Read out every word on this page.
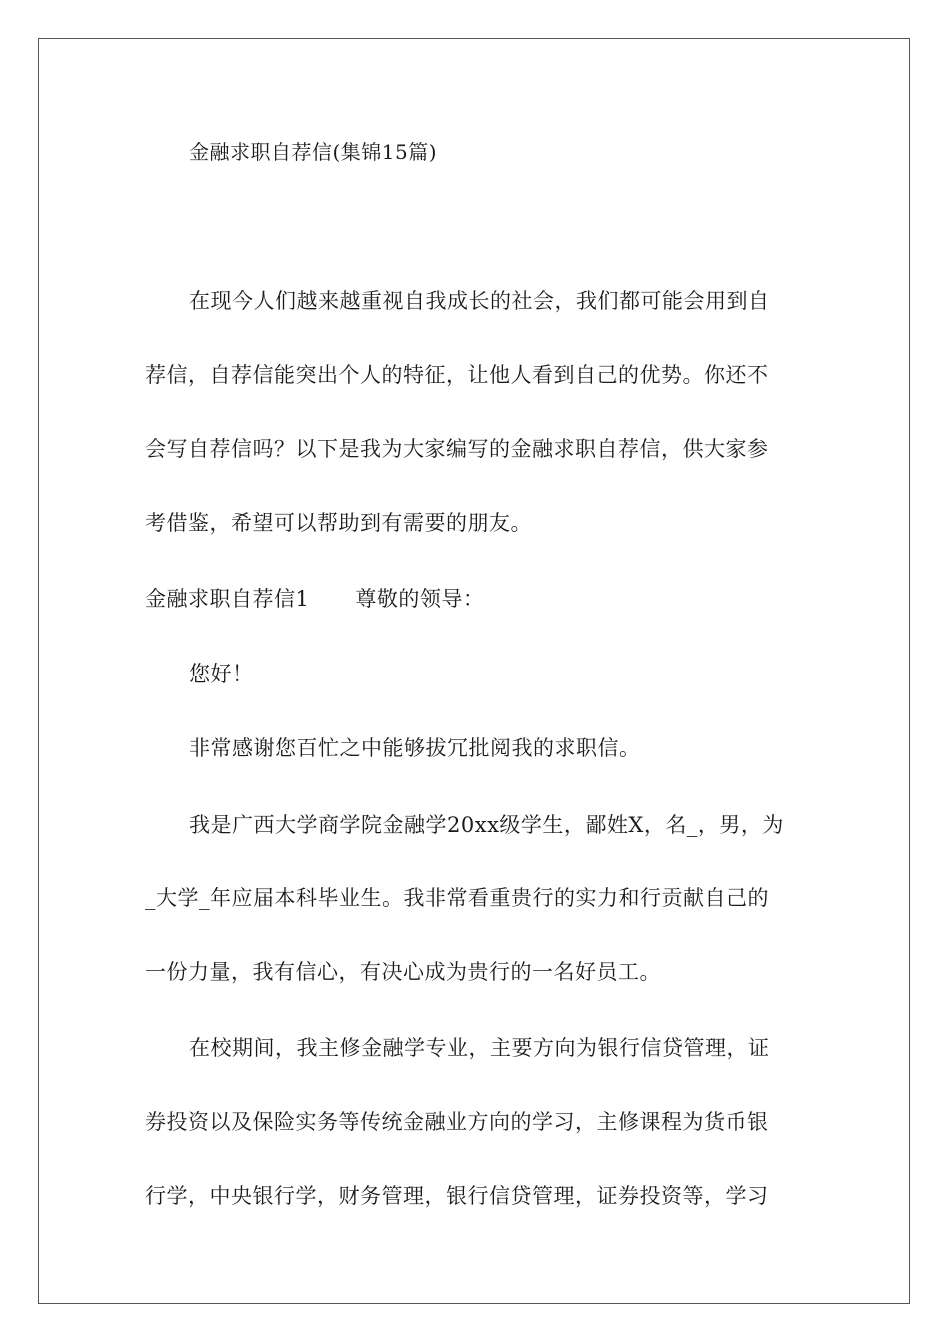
金融求职自荐信(集锦15篇)
在现今人们越来越重视自我成长的社会，我们都可能会用到自
荐信，自荐信能突出个人的特征，让他人看到自己的优势。你还不
会写自荐信吗？以下是我为大家编写的金融求职自荐信，供大家参
考借鉴，希望可以帮助到有需要的朋友。
金融求职自荐信1 尊敬的领导：
您好！
非常感谢您百忙之中能够拔冗批阅我的求职信。
我是广西大学商学院金融学20xx级学生，鄙姓X，名_，男，为
_大学_年应届本科毕业生。我非常看重贵行的实力和行贡献自己的
一份力量，我有信心，有决心成为贵行的一名好员工。
在校期间，我主修金融学专业，主要方向为银行信贷管理，证
券投资以及保险实务等传统金融业方向的学习，主修课程为货币银
行学，中央银行学，财务管理，银行信贷管理，证券投资等，学习
